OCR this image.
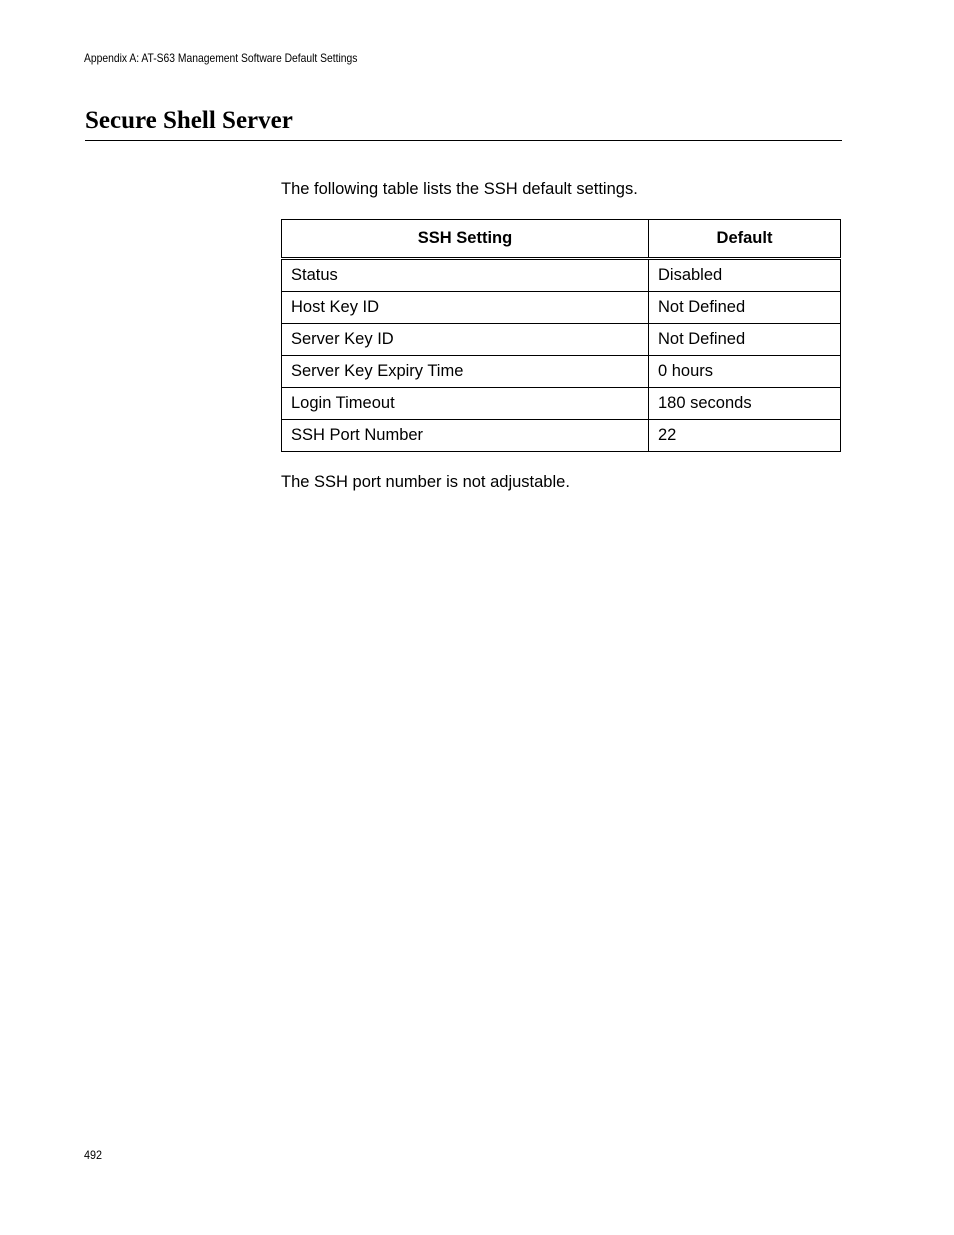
Appendix A: AT-S63 Management Software Default Settings
Secure Shell Server
The following table lists the SSH default settings.
SSH Setting	Default
Status	Disabled
Host Key ID	Not Defined
Server Key ID	Not Defined
Server Key Expiry Time	0 hours
Login Timeout	180 seconds
SSH Port Number	22
The SSH port number is not adjustable.
492
